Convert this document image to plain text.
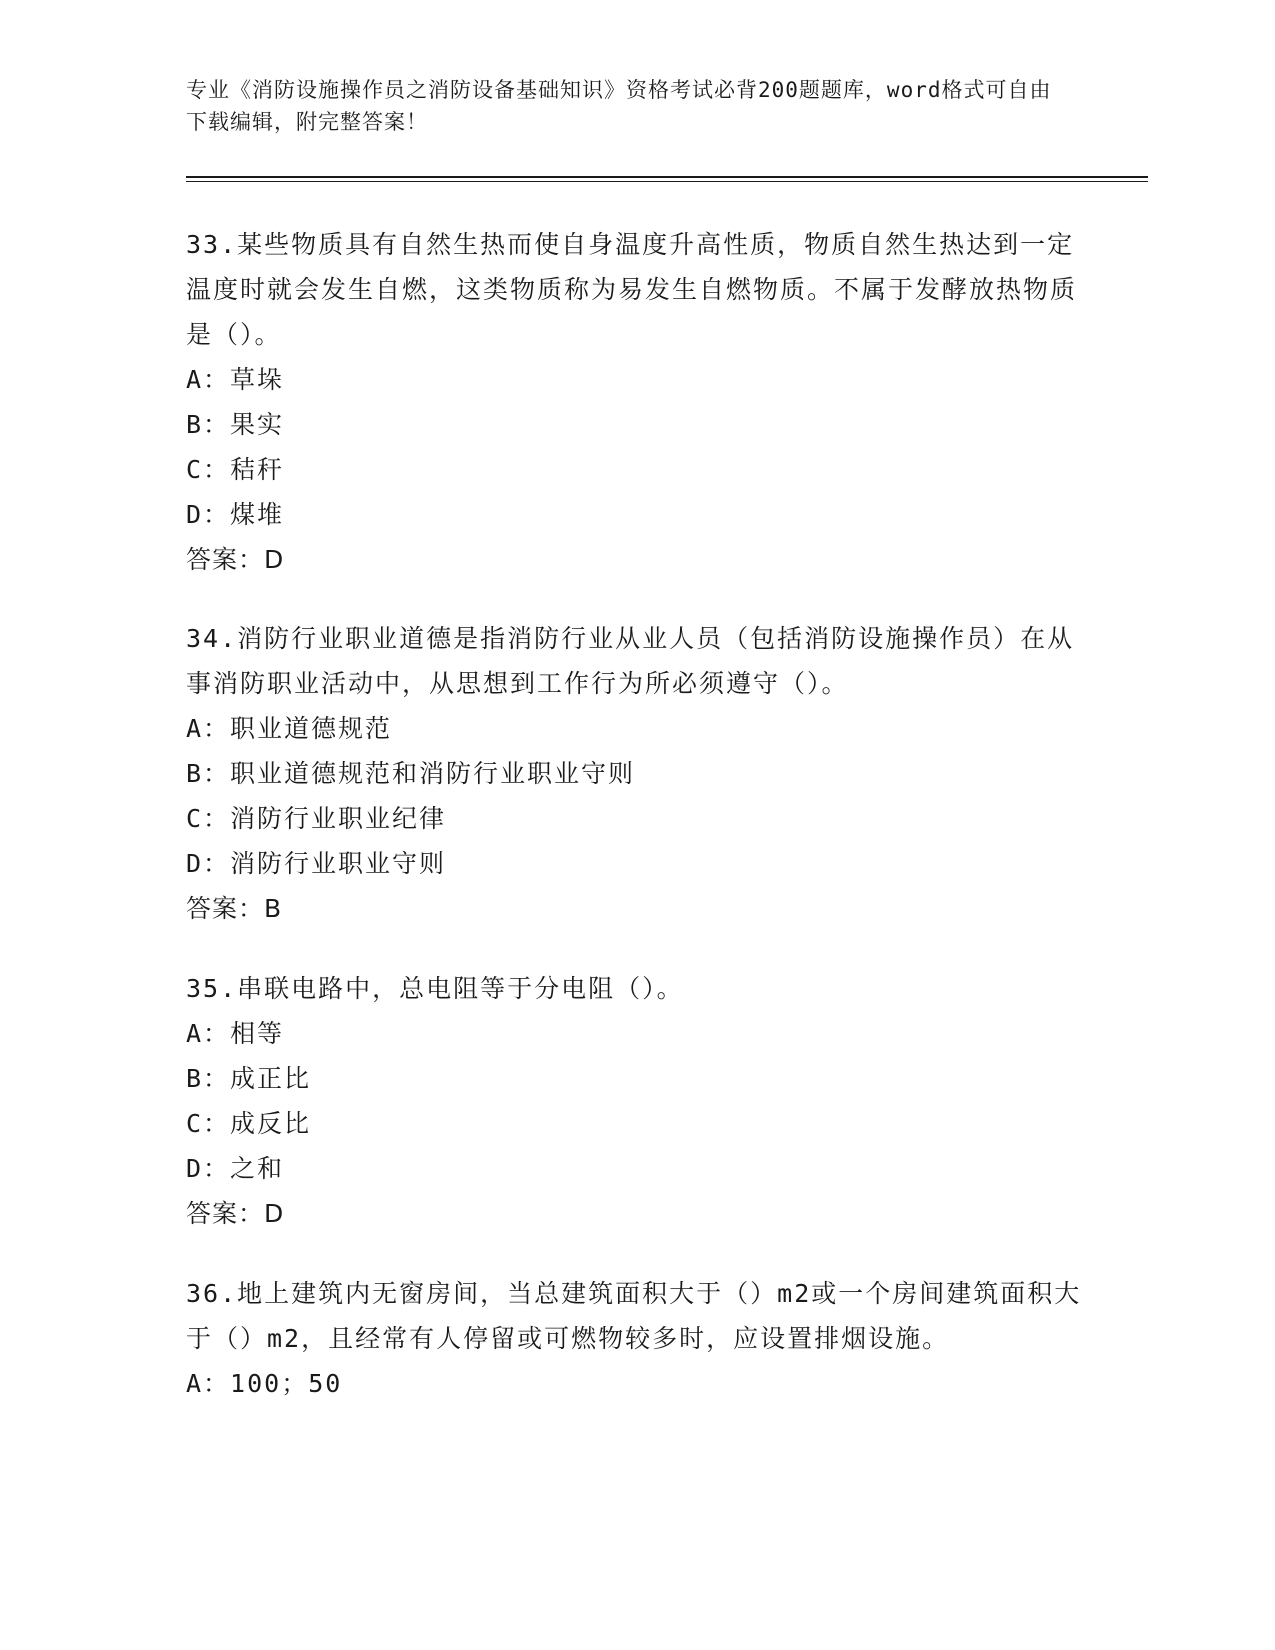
专业《消防设施操作员之消防设备基础知识》资格考试必背200题题库，word格式可自由下载编辑，附完整答案！
33.某些物质具有自然生热而使自身温度升高性质，物质自然生热达到一定温度时就会发生自燃，这类物质称为易发生自燃物质。不属于发酵放热物质是（）。
A：草垛
B：果实
C：秸秆
D：煤堆
答案：D
34.消防行业职业道德是指消防行业从业人员（包括消防设施操作员）在从事消防职业活动中，从思想到工作行为所必须遵守（）。
A：职业道德规范
B：职业道德规范和消防行业职业守则
C：消防行业职业纪律
D：消防行业职业守则
答案：B
35.串联电路中，总电阻等于分电阻（）。
A：相等
B：成正比
C：成反比
D：之和
答案：D
36.地上建筑内无窗房间，当总建筑面积大于（）m2或一个房间建筑面积大于（）m2，且经常有人停留或可燃物较多时，应设置排烟设施。
A：100；50
